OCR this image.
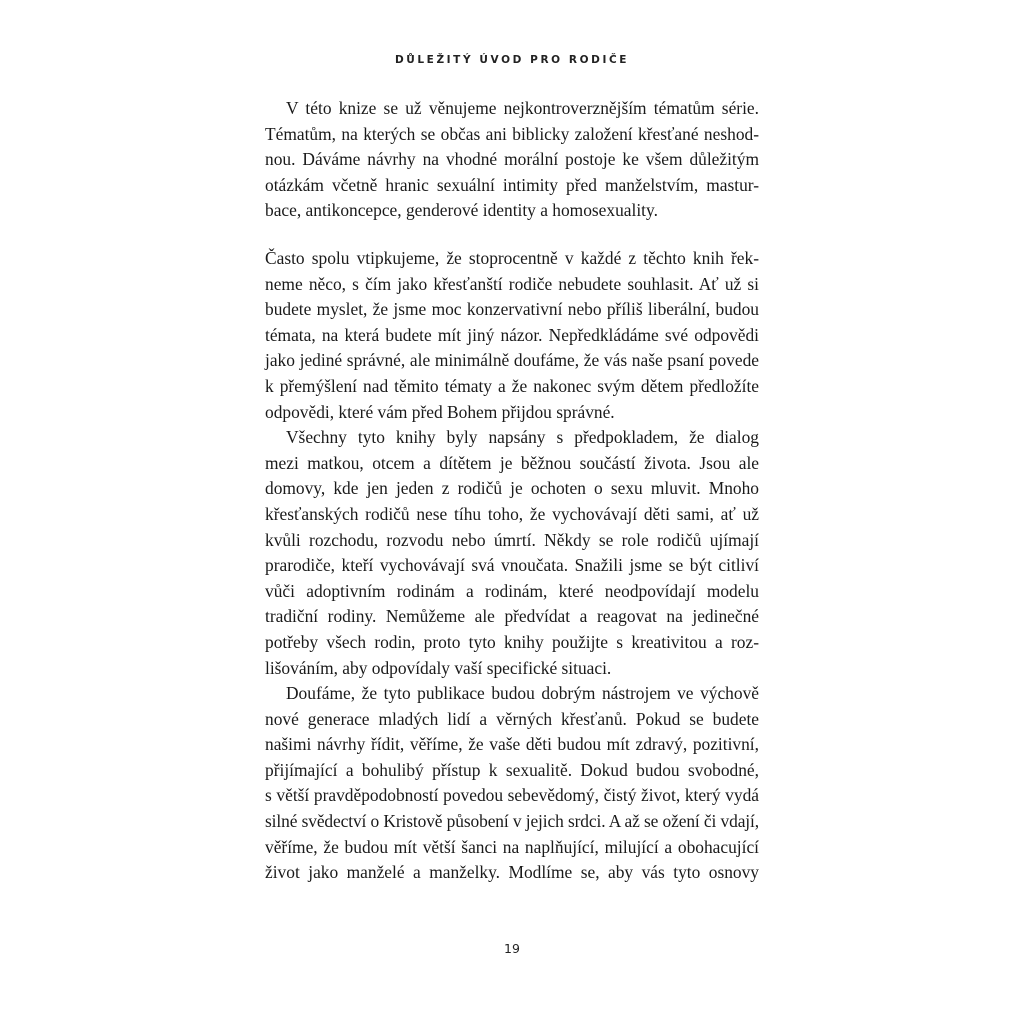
DŮLEŽITÝ ÚVOD PRO RODIČE
V této knize se už věnujeme nejkontroverznějším tématům série.
Tématům, na kterých se občas ani biblicky založení křesťané neshod-
nou. Dáváme návrhy na vhodné morální postoje ke všem důležitým
otázkám včetně hranic sexuální intimity před manželstvím, mastur-
bace, antikoncepce, genderové identity a homosexuality.
Často spolu vtipkujeme, že stoprocentně v každé z těchto knih řek-
neme něco, s čím jako křesťanští rodiče nebudete souhlasit. Ať už si
budete myslet, že jsme moc konzervativní nebo příliš liberální, budou
témata, na která budete mít jiný názor. Nepředkládáme své odpovědi
jako jediné správné, ale minimálně doufáme, že vás naše psaní povede
k přemýšlení nad těmito tématy a že nakonec svým dětem předložíte
odpovědi, které vám před Bohem přijdou správné.
Všechny tyto knihy byly napsány s předpokladem, že dialog
mezi matkou, otcem a dítětem je běžnou součástí života. Jsou ale
domovy, kde jen jeden z rodičů je ochoten o sexu mluvit. Mnoho
křesťanských rodičů nese tíhu toho, že vychovávají děti sami, ať už
kvůli rozchodu, rozvodu nebo úmrtí. Někdy se role rodičů ujímají
prarodiče, kteří vychovávají svá vnoučata. Snažili jsme se být citliví
vůči adoptivním rodinám a rodinám, které neodpovídají modelu
tradiční rodiny. Nemůžeme ale předvídat a reagovat na jedinečné
potřeby všech rodin, proto tyto knihy použijte s kreativitou a roz-
lišováním, aby odpovídaly vaší specifické situaci.
Doufáme, že tyto publikace budou dobrým nástrojem ve výchově
nové generace mladých lidí a věrných křesťanů. Pokud se budete
našimi návrhy řídit, věříme, že vaše děti budou mít zdravý, pozitivní,
přijímající a bohulibý přístup k sexualitě. Dokud budou svobodné,
s větší pravděpodobností povedou sebevědomý, čistý život, který vydá
silné svědectví o Kristově působení v jejich srdci. A až se ožení či vdají,
věříme, že budou mít větší šanci na naplňující, milující a obohacující
život jako manželé a manželky. Modlíme se, aby vás tyto osnovy
19
